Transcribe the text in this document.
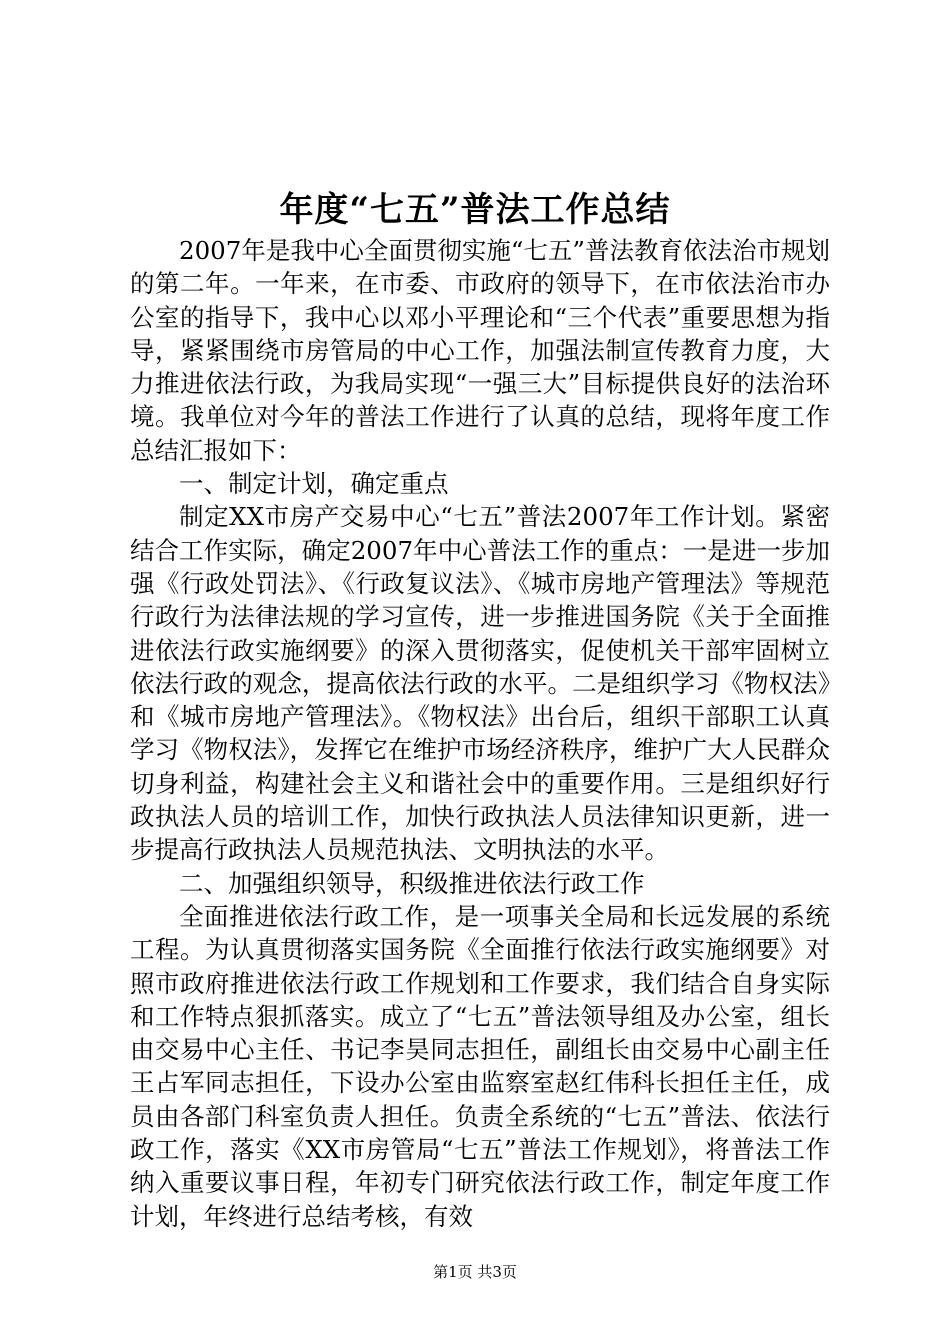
年度“七五”普法工作总结

2007年是我中心全面贯彻实施“七五”普法教育依法治市规划的第二年。一年来，在市委、市政府的领导下，在市依法治市办公室的指导下，我中心以邓小平理论和“三个代表”重要思想为指导，紧紧围绕市房管局的中心工作，加强法制宣传教育力度，大力推进依法行政，为我局实现“一强三大”目标提供良好的法治环境。我单位对今年的普法工作进行了认真的总结，现将年度工作总结汇报如下：

一、制定计划，确定重点

制定XX市房产交易中心“七五”普法2007年工作计划。紧密结合工作实际，确定2007年中心普法工作的重点：一是进一步加强《行政处罚法》、《行政复议法》、《城市房地产管理法》等规范行政行为法律法规的学习宣传，进一步推进国务院《关于全面推进依法行政实施纲要》的深入贯彻落实，促使机关干部牢固树立依法行政的观念，提高依法行政的水平。二是组织学习《物权法》和《城市房地产管理法》。《物权法》出台后，组织干部职工认真学习《物权法》，发挥它在维护市场经济秩序，维护广大人民群众切身利益，构建社会主义和谐社会中的重要作用。三是组织好行政执法人员的培训工作，加快行政执法人员法律知识更新，进一步提高行政执法人员规范执法、文明执法的水平。

二、加强组织领导，积级推进依法行政工作

全面推进依法行政工作，是一项事关全局和长远发展的系统工程。为认真贯彻落实国务院《全面推行依法行政实施纲要》对照市政府推进依法行政工作规划和工作要求，我们结合自身实际和工作特点狠抓落实。成立了“七五”普法领导组及办公室，组长由交易中心主任、书记李昊同志担任，副组长由交易中心副主任王占军同志担任，下设办公室由监察室赵红伟科长担任主任，成员由各部门科室负责人担任。负责全系统的“七五”普法、依法行政工作，落实《XX市房管局“七五”普法工作规划》，将普法工作纳入重要议事日程，年初专门研究依法行政工作，制定年度工作计划，年终进行总结考核，有效

第1页 共3页
